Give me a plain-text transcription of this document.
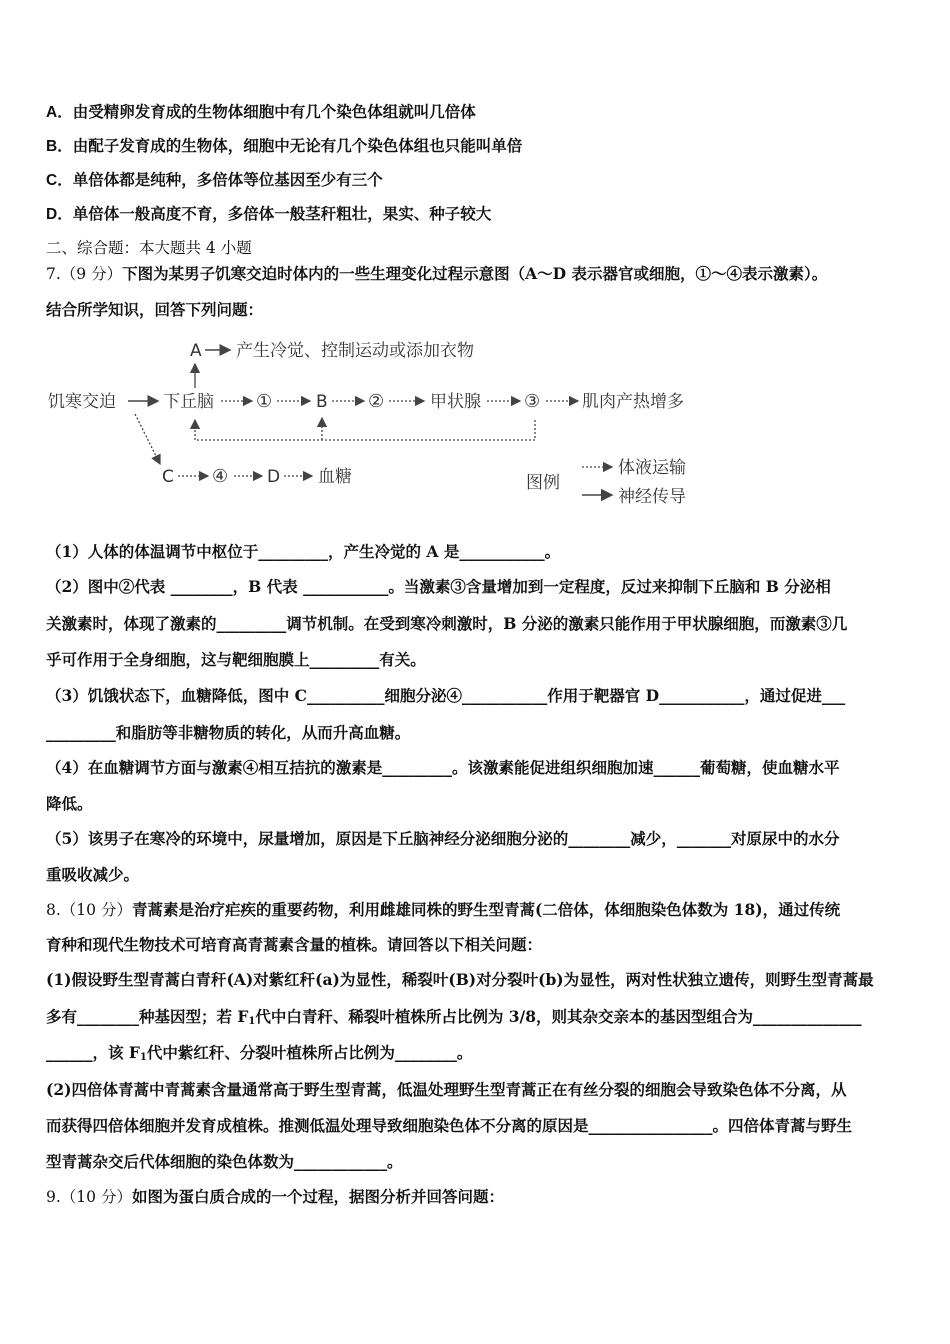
A．由受精卵发育成的生物体细胞中有几个染色体组就叫几倍体
B．由配子发育成的生物体，细胞中无论有几个染色体组也只能叫单倍
C．单倍体都是纯种，多倍体等位基因至少有三个
D．单倍体一般高度不育，多倍体一般茎秆粗壮，果实、种子较大
二、综合题：本大题共 4 小题
7.（9 分）下图为某男子饥寒交迫时体内的一些生理变化过程示意图（A～D 表示器官或细胞，①～④表示激素）。
结合所学知识，回答下列问题：
A 产生冷觉、控制运动或添加衣物
饥寒交迫	下丘脑 ①	B ②	甲状腺 ③ 肌肉产热增多
C ④ D 血糖	图例
体液运输
神经传导
（1）人体的体温调节中枢位于_________，产生冷觉的 A 是___________。
（2）图中②代表 ________，B 代表 ___________。当激素③含量增加到一定程度，反过来抑制下丘脑和 B 分泌相
关激素时，体现了激素的_________调节机制。在受到寒冷刺激时，B 分泌的激素只能作用于甲状腺细胞，而激素③几
乎可作用于全身细胞，这与靶细胞膜上_________有关。
（3）饥饿状态下，血糖降低，图中 C__________细胞分泌④___________作用于靶器官 D___________，通过促进___
_________和脂肪等非糖物质的转化，从而升高血糖。
（4）在血糖调节方面与激素④相互拮抗的激素是_________。该激素能促进组织细胞加速______葡萄糖，使血糖水平
降低。
（5）该男子在寒冷的环境中，尿量增加，原因是下丘脑神经分泌细胞分泌的________减少，_______对原尿中的水分
重吸收减少。
8.（10 分）青蒿素是治疗疟疾的重要药物，利用雌雄同株的野生型青蒿(二倍体，体细胞染色体数为 18)，通过传统
育种和现代生物技术可培育高青蒿素含量的植株。请回答以下相关问题：
(1)假设野生型青蒿白青秆(A)对紫红秆(a)为显性，稀裂叶(B)对分裂叶(b)为显性，两对性状独立遗传，则野生型青蒿最
多有________种基因型；若 $F_1$代中白青秆、稀裂叶植株所占比例为 3/8，则其杂交亲本的基因型组合为______________
______，该 $F_1$代中紫红秆、分裂叶植株所占比例为________。
(2)四倍体青蒿中青蒿素含量通常高于野生型青蒿，低温处理野生型青蒿正在有丝分裂的细胞会导致染色体不分离，从
而获得四倍体细胞并发育成植株。推测低温处理导致细胞染色体不分离的原因是________________。四倍体青蒿与野生
型青蒿杂交后代体细胞的染色体数为____________。
9.（10 分）如图为蛋白质合成的一个过程，据图分析并回答问题：
